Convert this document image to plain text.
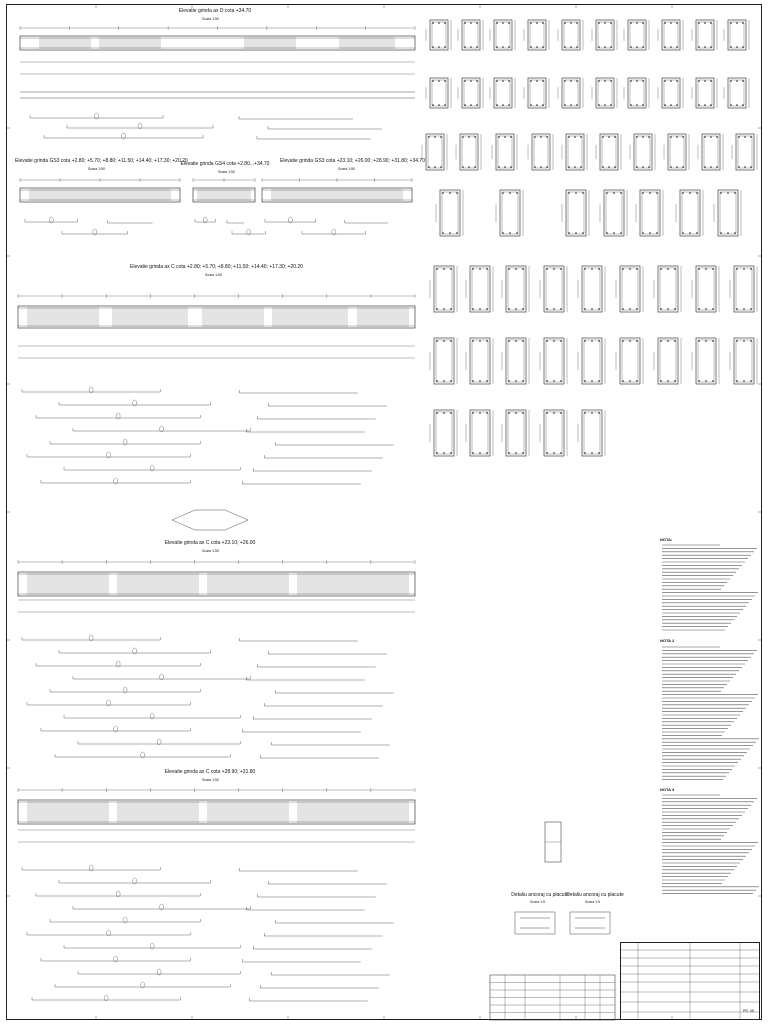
Elevatie grinda ax D cota +34.70
Scara 1:50
Elevatie grinda GS3 cota +2.80; +5.70; +8.80; +11.50; +14.40; +17.30; +20.20
Scara 1:50
Elevatie grinda GS4 cota +2.80...+34.70
Scara 1:50
Elevatie grinda GS3 cota +23.10; +26.00; +28.90; +31.80; +34.70
Scara 1:50
Elevatie grinda ax C cota +2.80; +5.70; +8.80; +11.50; +14.40; +17.30; +20.20
Scara 1:50
Elevatie grinda ax C cota +23.10; +26.00
Scara 1:50
Elevatie grinda ax C cota +28.90; +31.80
Scara 1:50
Detaliu ancoraj cu placute
Scara 1:5
Detaliu ancoraj cu placute
Scara 1:5
NOTA:
NOTA 2
NOTA 3
PR. 38
